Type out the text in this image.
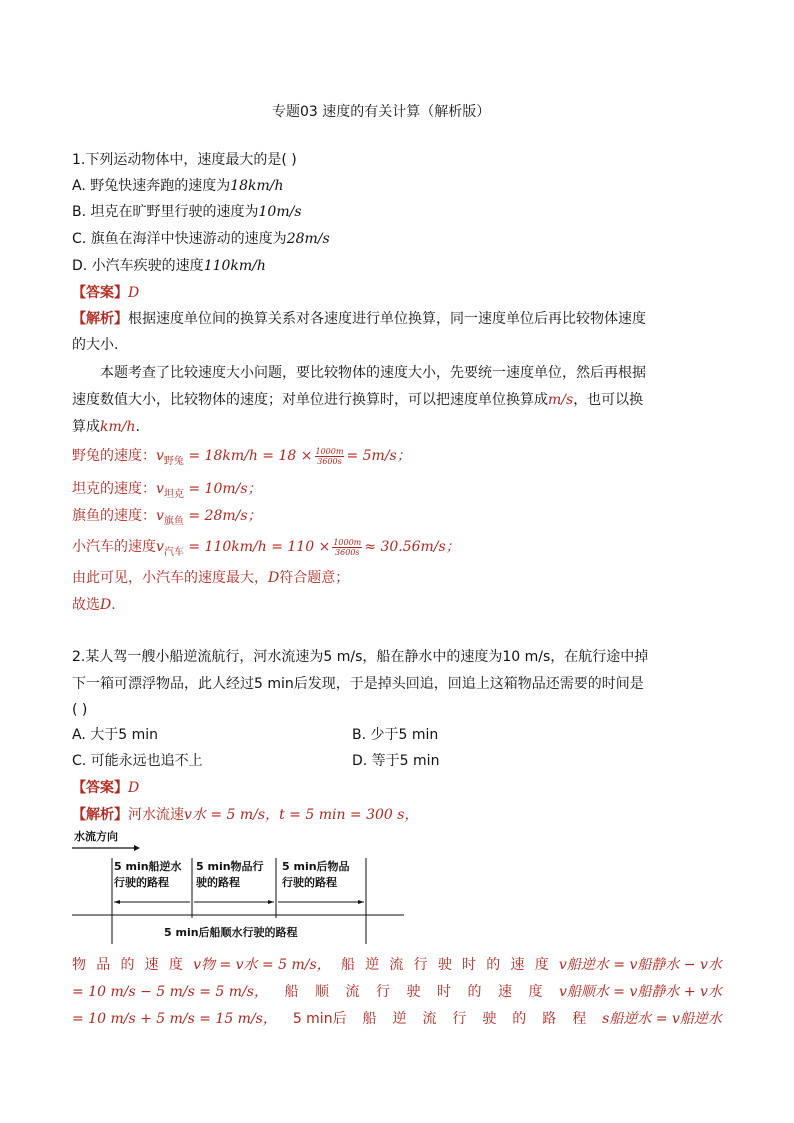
专题03 速度的有关计算（解析版）
1.下列运动物体中，速度最大的是( )
A. 野兔快速奔跑的速度为18km/h
B. 坦克在旷野里行驶的速度为10m/s
C. 旗鱼在海洋中快速游动的速度为28m/s
D. 小汽车疾驶的速度110km/h
【答案】D
【解析】根据速度单位间的换算关系对各速度进行单位换算，同一速度单位后再比较物体速度
的大小.
本题考查了比较速度大小问题，要比较物体的速度大小，先要统一速度单位，然后再根据
速度数值大小，比较物体的速度；对单位进行换算时，可以把速度单位换算成m/s，也可以换
算成km/h.
野兔的速度：$v_{野兔} = 18km/h = 18 \times \frac{1000m}{3600s} = 5m/s$；
坦克的速度：$v_{坦克} = 10m/s$；
旗鱼的速度：$v_{旗鱼} = 28m/s$；
小汽车的速度$v_{汽车} = 110km/h = 110 \times \frac{1000m}{3600s} \approx 30.56m/s$；
由此可见，小汽车的速度最大，D符合题意；
故选D.
2.某人驾一艘小船逆流航行，河水流速为5 m/s，船在静水中的速度为10 m/s，在航行途中掉
下一箱可漂浮物品，此人经过5 min后发现，于是掉头回追，回追上这箱物品还需要的时间是
( )
A. 大于5 min	B. 少于5 min
C. 可能永远也追不上	D. 等于5 min
【答案】D
【解析】河水流速v水 = 5 m/s，t = 5 min = 300 s，
水流方向
5 min船逆水
行驶的路程
5 min物品行
驶的路程
5 min后物品
行驶的路程
5 min后船顺水行驶的路程
物 品 的 速 度 v物 = v水 = 5 m/s， 船 逆 流 行 驶 时 的 速 度 v船逆水 = v船静水 − v水
= 10 m/s − 5 m/s = 5 m/s， 船 顺 流 行 驶 时 的 速 度 v船顺水 = v船静水 + v水
= 10 m/s + 5 m/s = 15 m/s， 5 min后 船 逆 流 行 驶 的 路 程 s船逆水 = v船逆水
